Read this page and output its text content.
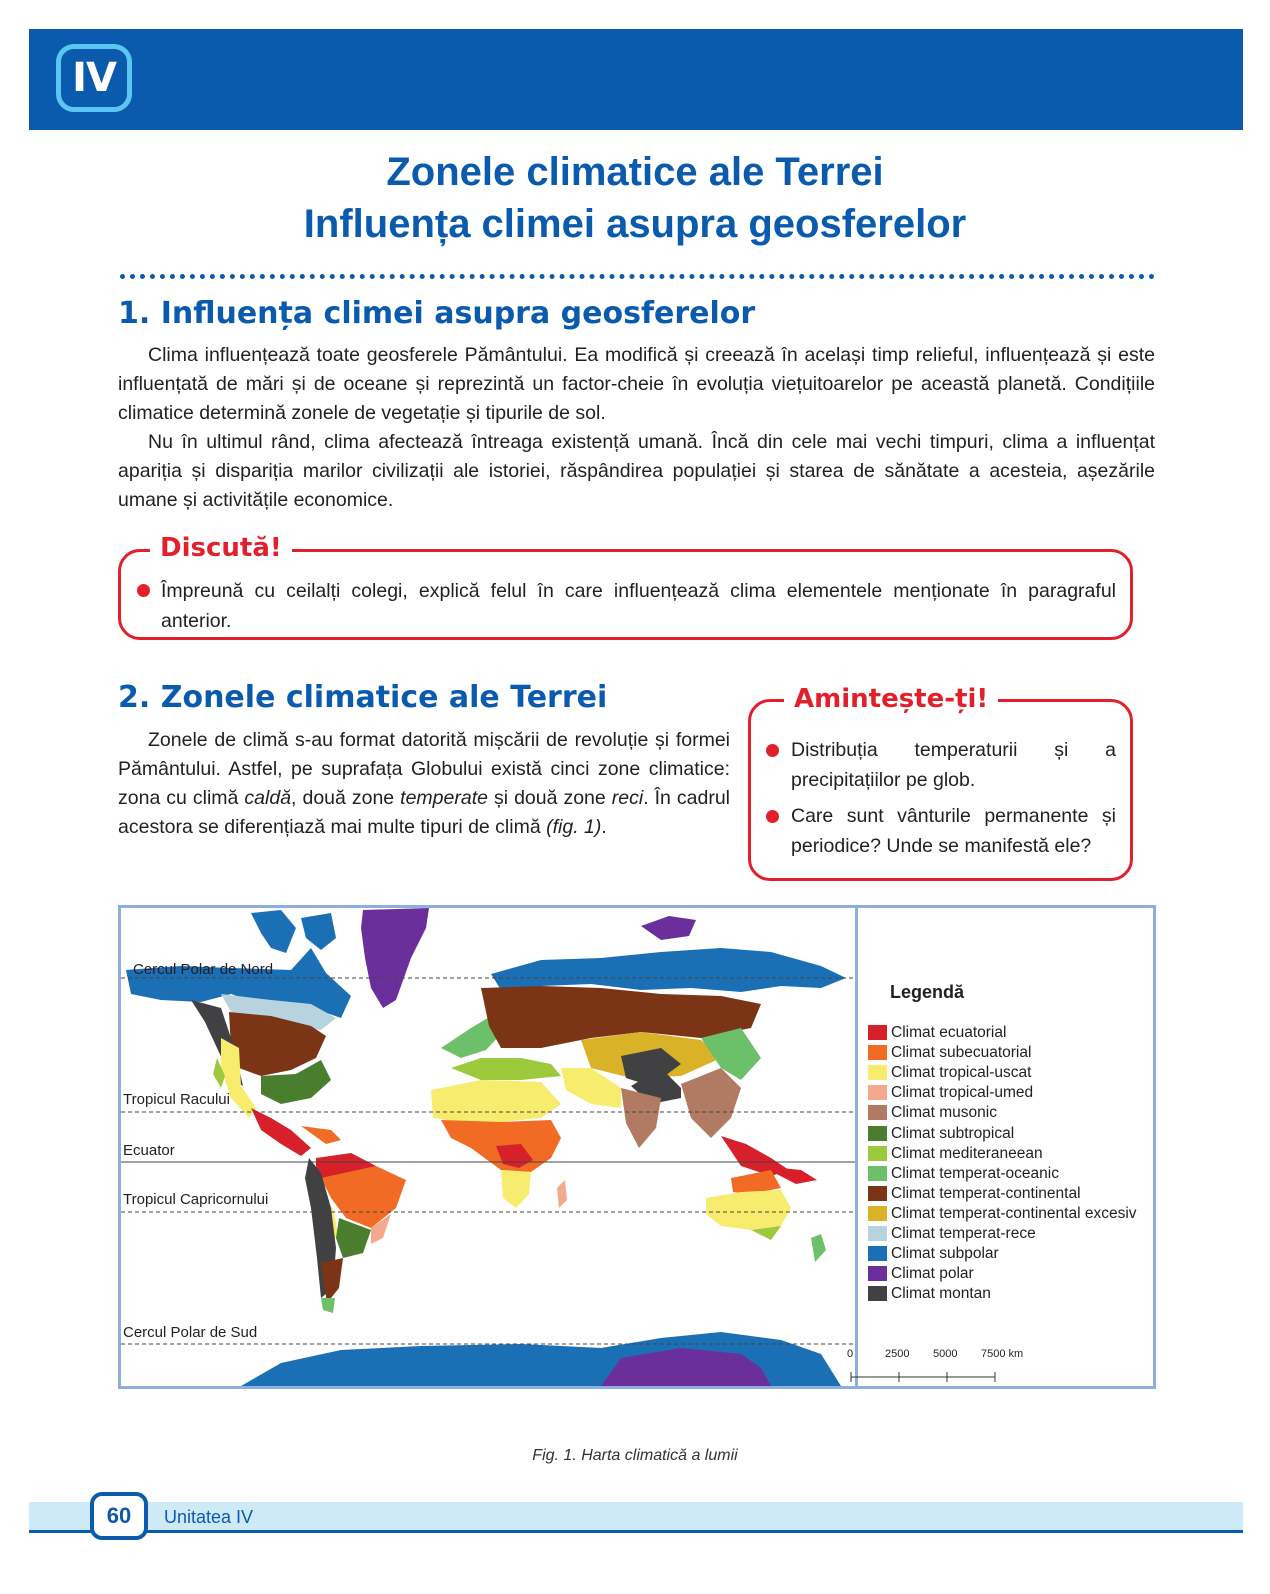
IV
Zonele climatice ale Terrei
Influența climei asupra geosferelor
1. Influența climei asupra geosferelor

Clima influențează toate geosferele Pământului. Ea modifică și creează în același timp relieful, influențează și este influențată de mări și de oceane și reprezintă un factor-cheie în evoluția viețuitoarelor pe această planetă. Condițiile climatice determină zonele de vegetație și tipurile de sol.

Nu în ultimul rând, clima afectează întreaga existență umană. Încă din cele mai vechi timpuri, clima a influențat apariția și dispariția marilor civilizații ale istoriei, răspândirea populației și starea de sănătate a acesteia, așezările umane și activitățile economice.

Discută!
Împreună cu ceilalți colegi, explică felul în care influențează clima elementele menționate în paragraful anterior.
2. Zonele climatice ale Terrei

Zonele de climă s-au format datorită mișcării de revoluție și formei Pământului. Astfel, pe suprafața Globului există cinci zone climatice: zona cu climă caldă, două zone temperate și două zone reci. În cadrul acestora se diferențiază mai multe tipuri de climă (fig. 1).

Amintește-ți!
Distribuția temperaturii și a precipitațiilor pe glob.
Care sunt vânturile permanente și periodice? Unde se manifestă ele?
Cercul Polar de Nord
Tropicul Racului
Ecuator
Tropicul Capricornului
Cercul Polar de Sud
Legendă
Climat ecuatorial
Climat subecuatorial
Climat tropical-uscat
Climat tropical-umed
Climat musonic
Climat subtropical
Climat mediteraneean
Climat temperat-oceanic
Climat temperat-continental
Climat temperat-continental excesiv
Climat temperat-rece
Climat subpolar
Climat polar
Climat montan
0	2500 5000 7500 km
Fig. 1. Harta climatică a lumii
60	Unitatea IV
